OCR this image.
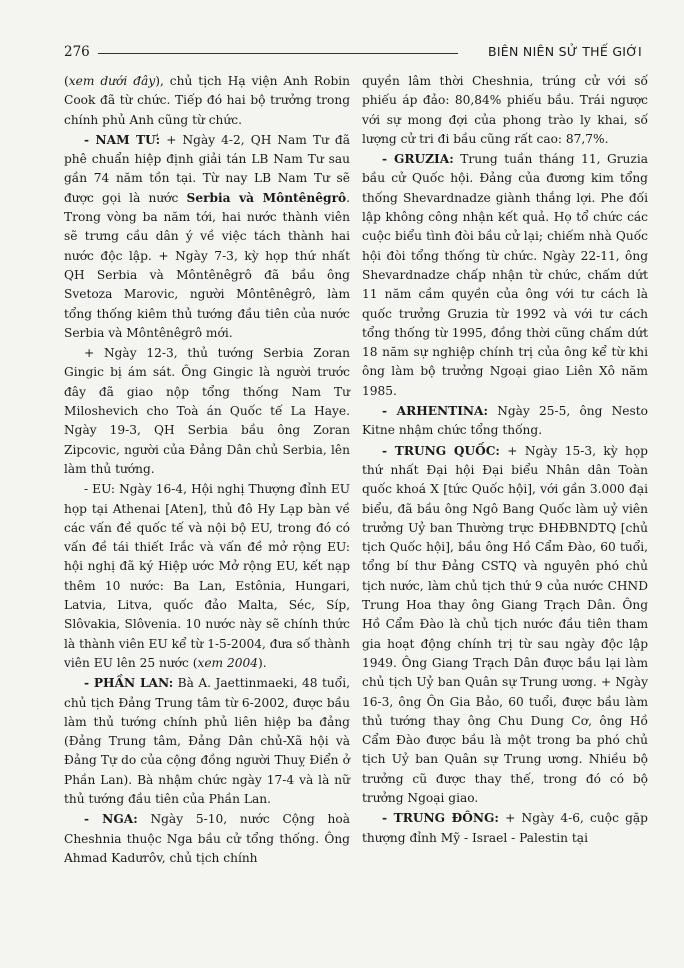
276	BIÊN NIÊN SỬ THẾ GIỚI

(xem dưới đây), chủ tịch Hạ viện Anh Robin Cook đã từ chức. Tiếp đó hai bộ trưởng trong chính phủ Anh cũng từ chức.

- NAM TƯ: + Ngày 4-2, QH Nam Tư đã phê chuẩn hiệp định giải tán LB Nam Tư sau gần 74 năm tồn tại. Từ nay LB Nam Tư sẽ được gọi là nước Serbia và Môntênêgrô. Trong vòng ba năm tới, hai nước thành viên sẽ trưng cầu dân ý về việc tách thành hai nước độc lập. + Ngày 7-3, kỳ họp thứ nhất QH Serbia và Môntênêgrô đã bầu ông Svetoza Marovic, người Môntênêgrô, làm tổng thống kiêm thủ tướng đầu tiên của nước Serbia và Môntênêgrô mới.

+ Ngày 12-3, thủ tướng Serbia Zoran Gingic bị ám sát. Ông Gingic là người trước đây đã giao nộp tổng thống Nam Tư Miloshevich cho Toà án Quốc tế La Haye. Ngày 19-3, QH Serbia bầu ông Zoran Zipcovic, người của Đảng Dân chủ Serbia, lên làm thủ tướng.

- EU: Ngày 16-4, Hội nghị Thượng đỉnh EU họp tại Athenai [Aten], thủ đô Hy Lạp bàn về các vấn đề quốc tế và nội bộ EU, trong đó có vấn đề tái thiết Irắc và vấn đề mở rộng EU: hội nghị đã ký Hiệp ước Mở rộng EU, kết nạp thêm 10 nước: Ba Lan, Estônia, Hungari, Latvia, Litva, quốc đảo Malta, Séc, Síp, Slôvakia, Slôvenia. 10 nước này sẽ chính thức là thành viên EU kể từ 1-5-2004, đưa số thành viên EU lên 25 nước (xem 2004).

- PHẦN LAN: Bà A. Jaettinmaeki, 48 tuổi, chủ tịch Đảng Trung tâm từ 6-2002, được bầu làm thủ tướng chính phủ liên hiệp ba đảng (Đảng Trung tâm, Đảng Dân chủ-Xã hội và Đảng Tự do của cộng đồng người Thuỵ Điển ở Phần Lan). Bà nhậm chức ngày 17-4 và là nữ thủ tướng đầu tiên của Phần Lan.

- NGA: Ngày 5-10, nước Cộng hoà Cheshnia thuộc Nga bầu cử tổng thống. Ông Ahmad Kadưrôv, chủ tịch chính

quyền lâm thời Cheshnia, trúng cử với số phiếu áp đảo: 80,84% phiếu bầu. Trái ngược với sự mong đợi của phong trào ly khai, số lượng cử tri đi bầu cũng rất cao: 87,7%.

- GRUZIA: Trung tuần tháng 11, Gruzia bầu cử Quốc hội. Đảng của đương kim tổng thống Shevardnadze giành thắng lợi. Phe đối lập không công nhận kết quả. Họ tổ chức các cuộc biểu tình đòi bầu cử lại; chiếm nhà Quốc hội đòi tổng thống từ chức. Ngày 22-11, ông Shevardnadze chấp nhận từ chức, chấm dứt 11 năm cầm quyền của ông với tư cách là quốc trưởng Gruzia từ 1992 và với tư cách tổng thống từ 1995, đồng thời cũng chấm dứt 18 năm sự nghiệp chính trị của ông kể từ khi ông làm bộ trưởng Ngoại giao Liên Xô năm 1985.

- ARHENTINA: Ngày 25-5, ông Nesto Kitne nhậm chức tổng thống.

- TRUNG QUỐC: + Ngày 15-3, kỳ họp thứ nhất Đại hội Đại biểu Nhân dân Toàn quốc khoá X [tức Quốc hội], với gần 3.000 đại biểu, đã bầu ông Ngô Bang Quốc làm uỷ viên trưởng Uỷ ban Thường trực ĐHĐBNDTQ [chủ tịch Quốc hội], bầu ông Hồ Cẩm Đào, 60 tuổi, tổng bí thư Đảng CSTQ và nguyên phó chủ tịch nước, làm chủ tịch thứ 9 của nước CHND Trung Hoa thay ông Giang Trạch Dân. Ông Hồ Cẩm Đào là chủ tịch nước đầu tiên tham gia hoạt động chính trị từ sau ngày độc lập 1949. Ông Giang Trạch Dân được bầu lại làm chủ tịch Uỷ ban Quân sự Trung ương. + Ngày 16-3, ông Ôn Gia Bảo, 60 tuổi, được bầu làm thủ tướng thay ông Chu Dung Cơ, ông Hồ Cẩm Đào được bầu là một trong ba phó chủ tịch Uỷ ban Quân sự Trung ương. Nhiều bộ trưởng cũ được thay thế, trong đó có bộ trưởng Ngoại giao.

- TRUNG ĐÔNG: + Ngày 4-6, cuộc gặp thượng đỉnh Mỹ - Israel - Palestin tại
